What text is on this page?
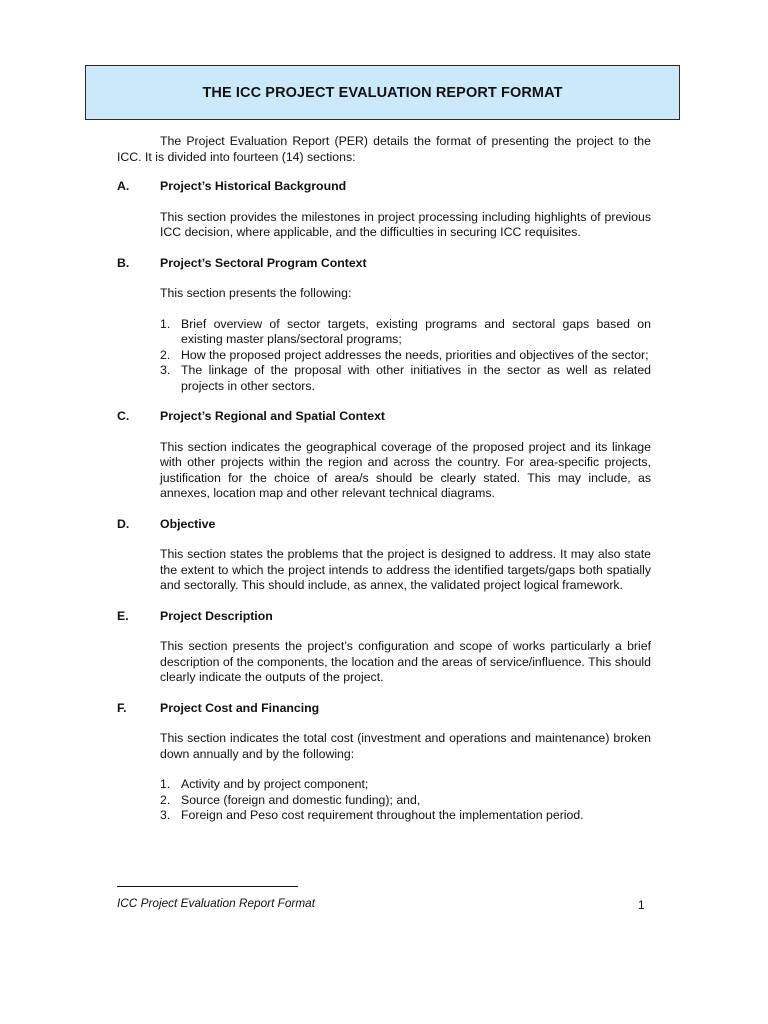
THE ICC PROJECT EVALUATION REPORT FORMAT

The Project Evaluation Report (PER) details the format of presenting the project to the ICC. It is divided into fourteen (14) sections:

A.	Project’s Historical Background

This section provides the milestones in project processing including highlights of previous ICC decision, where applicable, and the difficulties in securing ICC requisites.

B.	Project’s Sectoral Program Context

This section presents the following:

1. Brief overview of sector targets, existing programs and sectoral gaps based on existing master plans/sectoral programs;
2. How the proposed project addresses the needs, priorities and objectives of the sector;
3. The linkage of the proposal with other initiatives in the sector as well as related projects in other sectors.
C.	Project’s Regional and Spatial Context

This section indicates the geographical coverage of the proposed project and its linkage with other projects within the region and across the country. For area-specific projects, justification for the choice of area/s should be clearly stated. This may include, as annexes, location map and other relevant technical diagrams.

D.	Objective

This section states the problems that the project is designed to address. It may also state the extent to which the project intends to address the identified targets/gaps both spatially and sectorally. This should include, as annex, the validated project logical framework.

E.	Project Description

This section presents the project’s configuration and scope of works particularly a brief description of the components, the location and the areas of service/influence. This should clearly indicate the outputs of the project.

F.	Project Cost and Financing

This section indicates the total cost (investment and operations and maintenance) broken down annually and by the following:

1. Activity and by project component;
2. Source (foreign and domestic funding); and,
3. Foreign and Peso cost requirement throughout the implementation period.
ICC Project Evaluation Report Format	1
